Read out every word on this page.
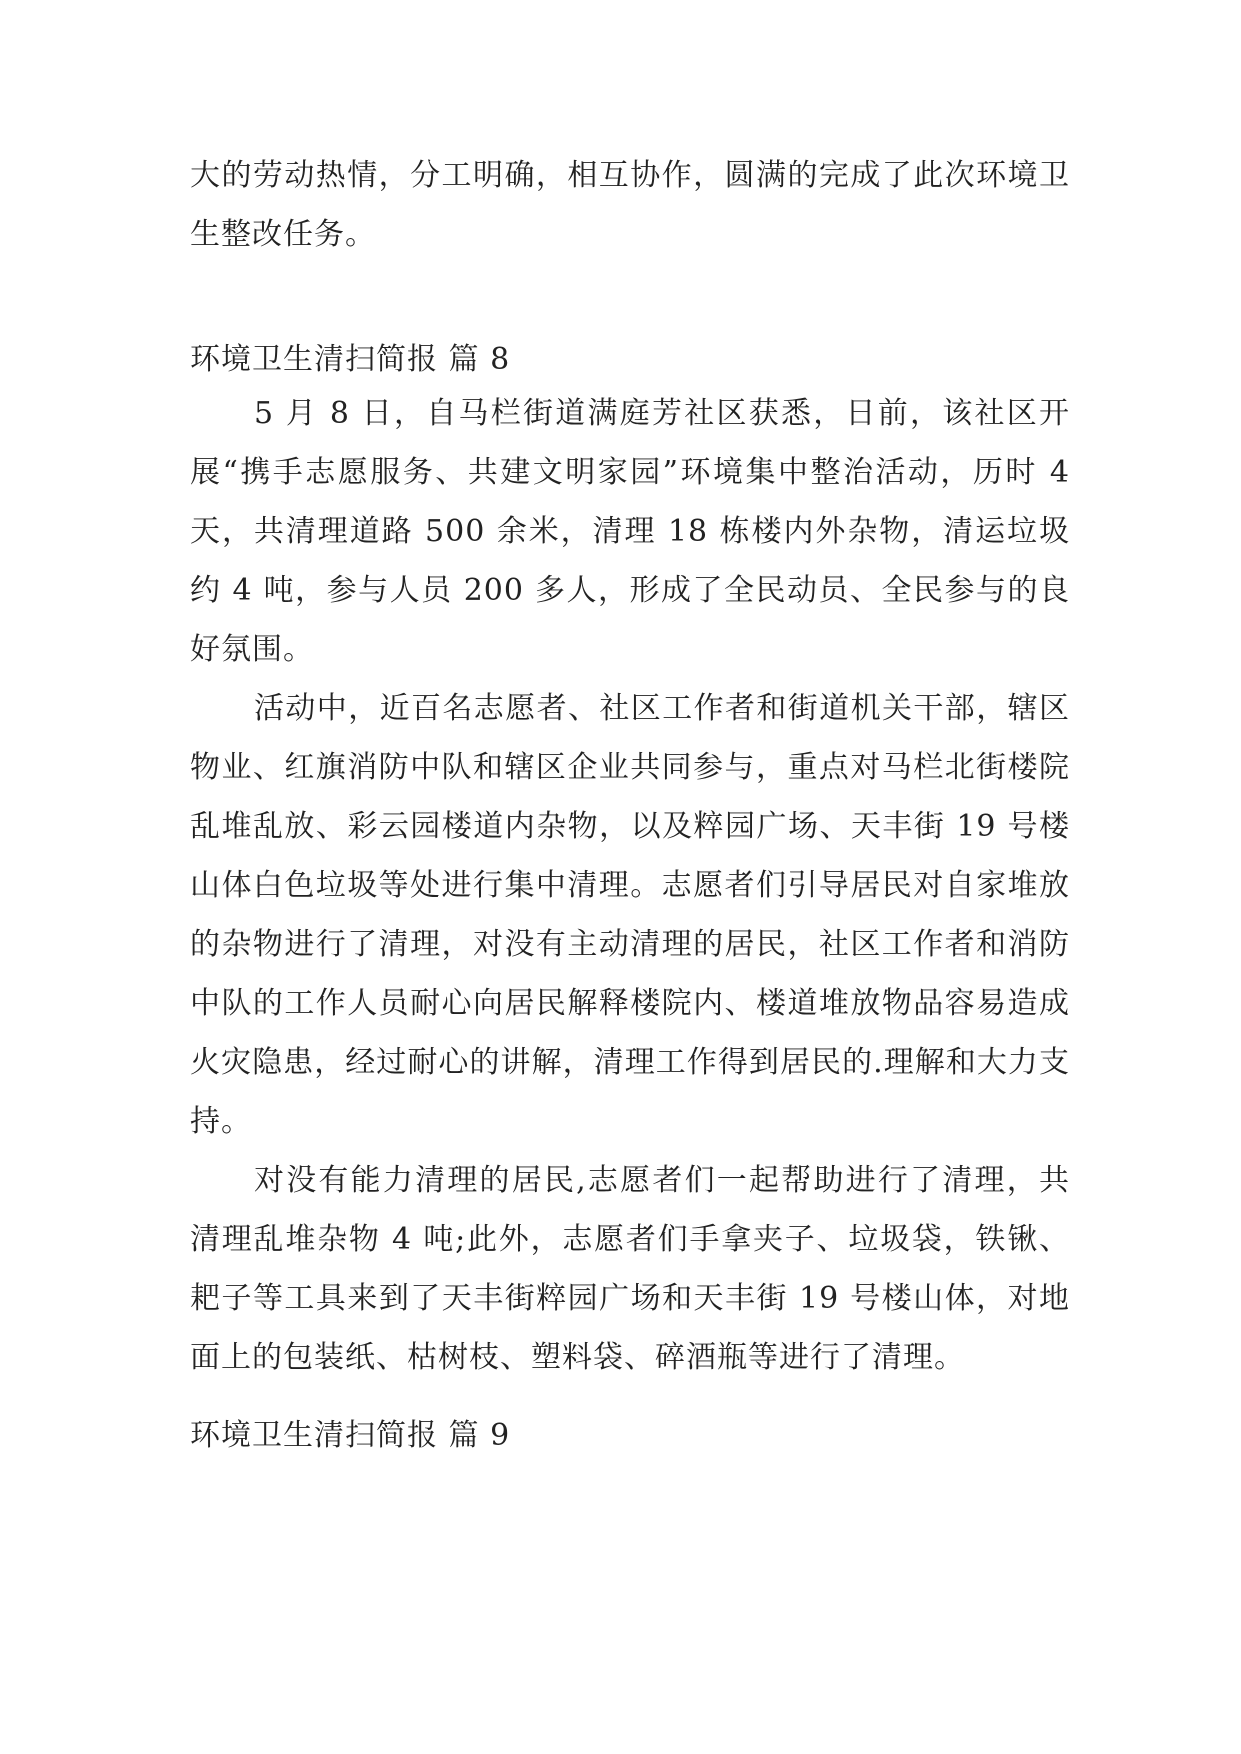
大的劳动热情，分工明确，相互协作，圆满的完成了此次环境卫生整改任务。

环境卫生清扫简报 篇 8

5 月 8 日，自马栏街道满庭芳社区获悉，日前，该社区开展“携手志愿服务、共建文明家园”环境集中整治活动，历时 4 天，共清理道路 500 余米，清理 18 栋楼内外杂物，清运垃圾约 4 吨，参与人员 200 多人，形成了全民动员、全民参与的良好氛围。

活动中，近百名志愿者、社区工作者和街道机关干部，辖区物业、红旗消防中队和辖区企业共同参与，重点对马栏北街楼院乱堆乱放、彩云园楼道内杂物，以及粹园广场、天丰街 19 号楼山体白色垃圾等处进行集中清理。志愿者们引导居民对自家堆放的杂物进行了清理，对没有主动清理的居民，社区工作者和消防中队的工作人员耐心向居民解释楼院内、楼道堆放物品容易造成火灾隐患，经过耐心的讲解，清理工作得到居民的.理解和大力支持。

对没有能力清理的居民,志愿者们一起帮助进行了清理，共清理乱堆杂物 4 吨;此外，志愿者们手拿夹子、垃圾袋，铁锹、耙子等工具来到了天丰街粹园广场和天丰街 19 号楼山体，对地面上的包装纸、枯树枝、塑料袋、碎酒瓶等进行了清理。

环境卫生清扫简报 篇 9
